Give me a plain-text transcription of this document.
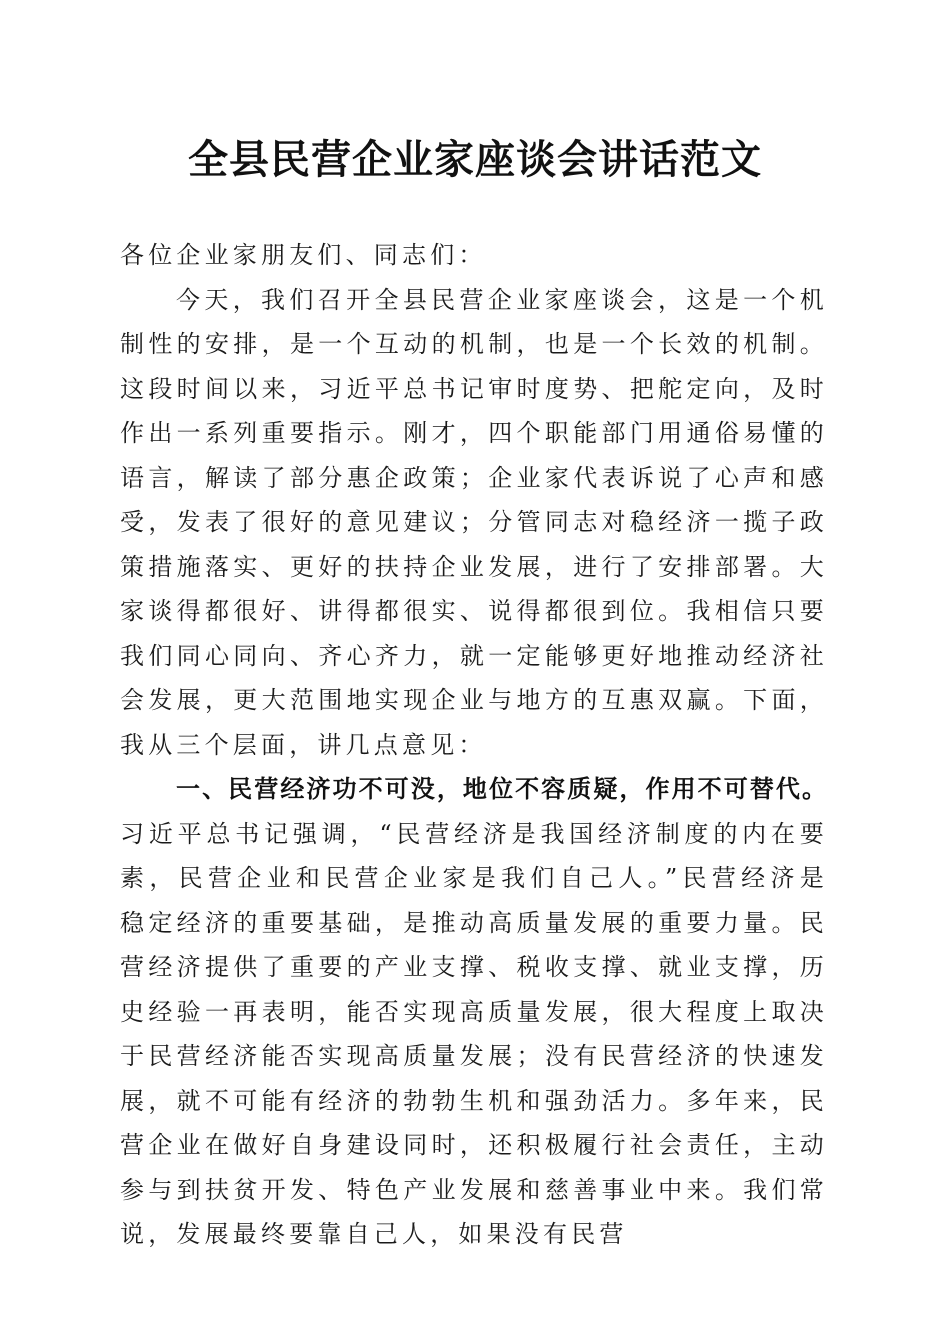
全县民营企业家座谈会讲话范文

各位企业家朋友们、同志们：

今天，我们召开全县民营企业家座谈会，这是一个机制性的安排，是一个互动的机制，也是一个长效的机制。这段时间以来，习近平总书记审时度势、把舵定向，及时作出一系列重要指示。刚才，四个职能部门用通俗易懂的语言，解读了部分惠企政策；企业家代表诉说了心声和感受，发表了很好的意见建议；分管同志对稳经济一揽子政策措施落实、更好的扶持企业发展，进行了安排部署。大家谈得都很好、讲得都很实、说得都很到位。我相信只要我们同心同向、齐心齐力，就一定能够更好地推动经济社会发展，更大范围地实现企业与地方的互惠双赢。下面，我从三个层面，讲几点意见：

一、民营经济功不可没，地位不容质疑，作用不可替代。习近平总书记强调，“民营经济是我国经济制度的内在要素，民营企业和民营企业家是我们自己人。”民营经济是稳定经济的重要基础，是推动高质量发展的重要力量。民营经济提供了重要的产业支撑、税收支撑、就业支撑，历史经验一再表明，能否实现高质量发展，很大程度上取决于民营经济能否实现高质量发展；没有民营经济的快速发展，就不可能有经济的勃勃生机和强劲活力。多年来，民营企业在做好自身建设同时，还积极履行社会责任，主动参与到扶贫开发、特色产业发展和慈善事业中来。我们常说，发展最终要靠自己人，如果没有民营
